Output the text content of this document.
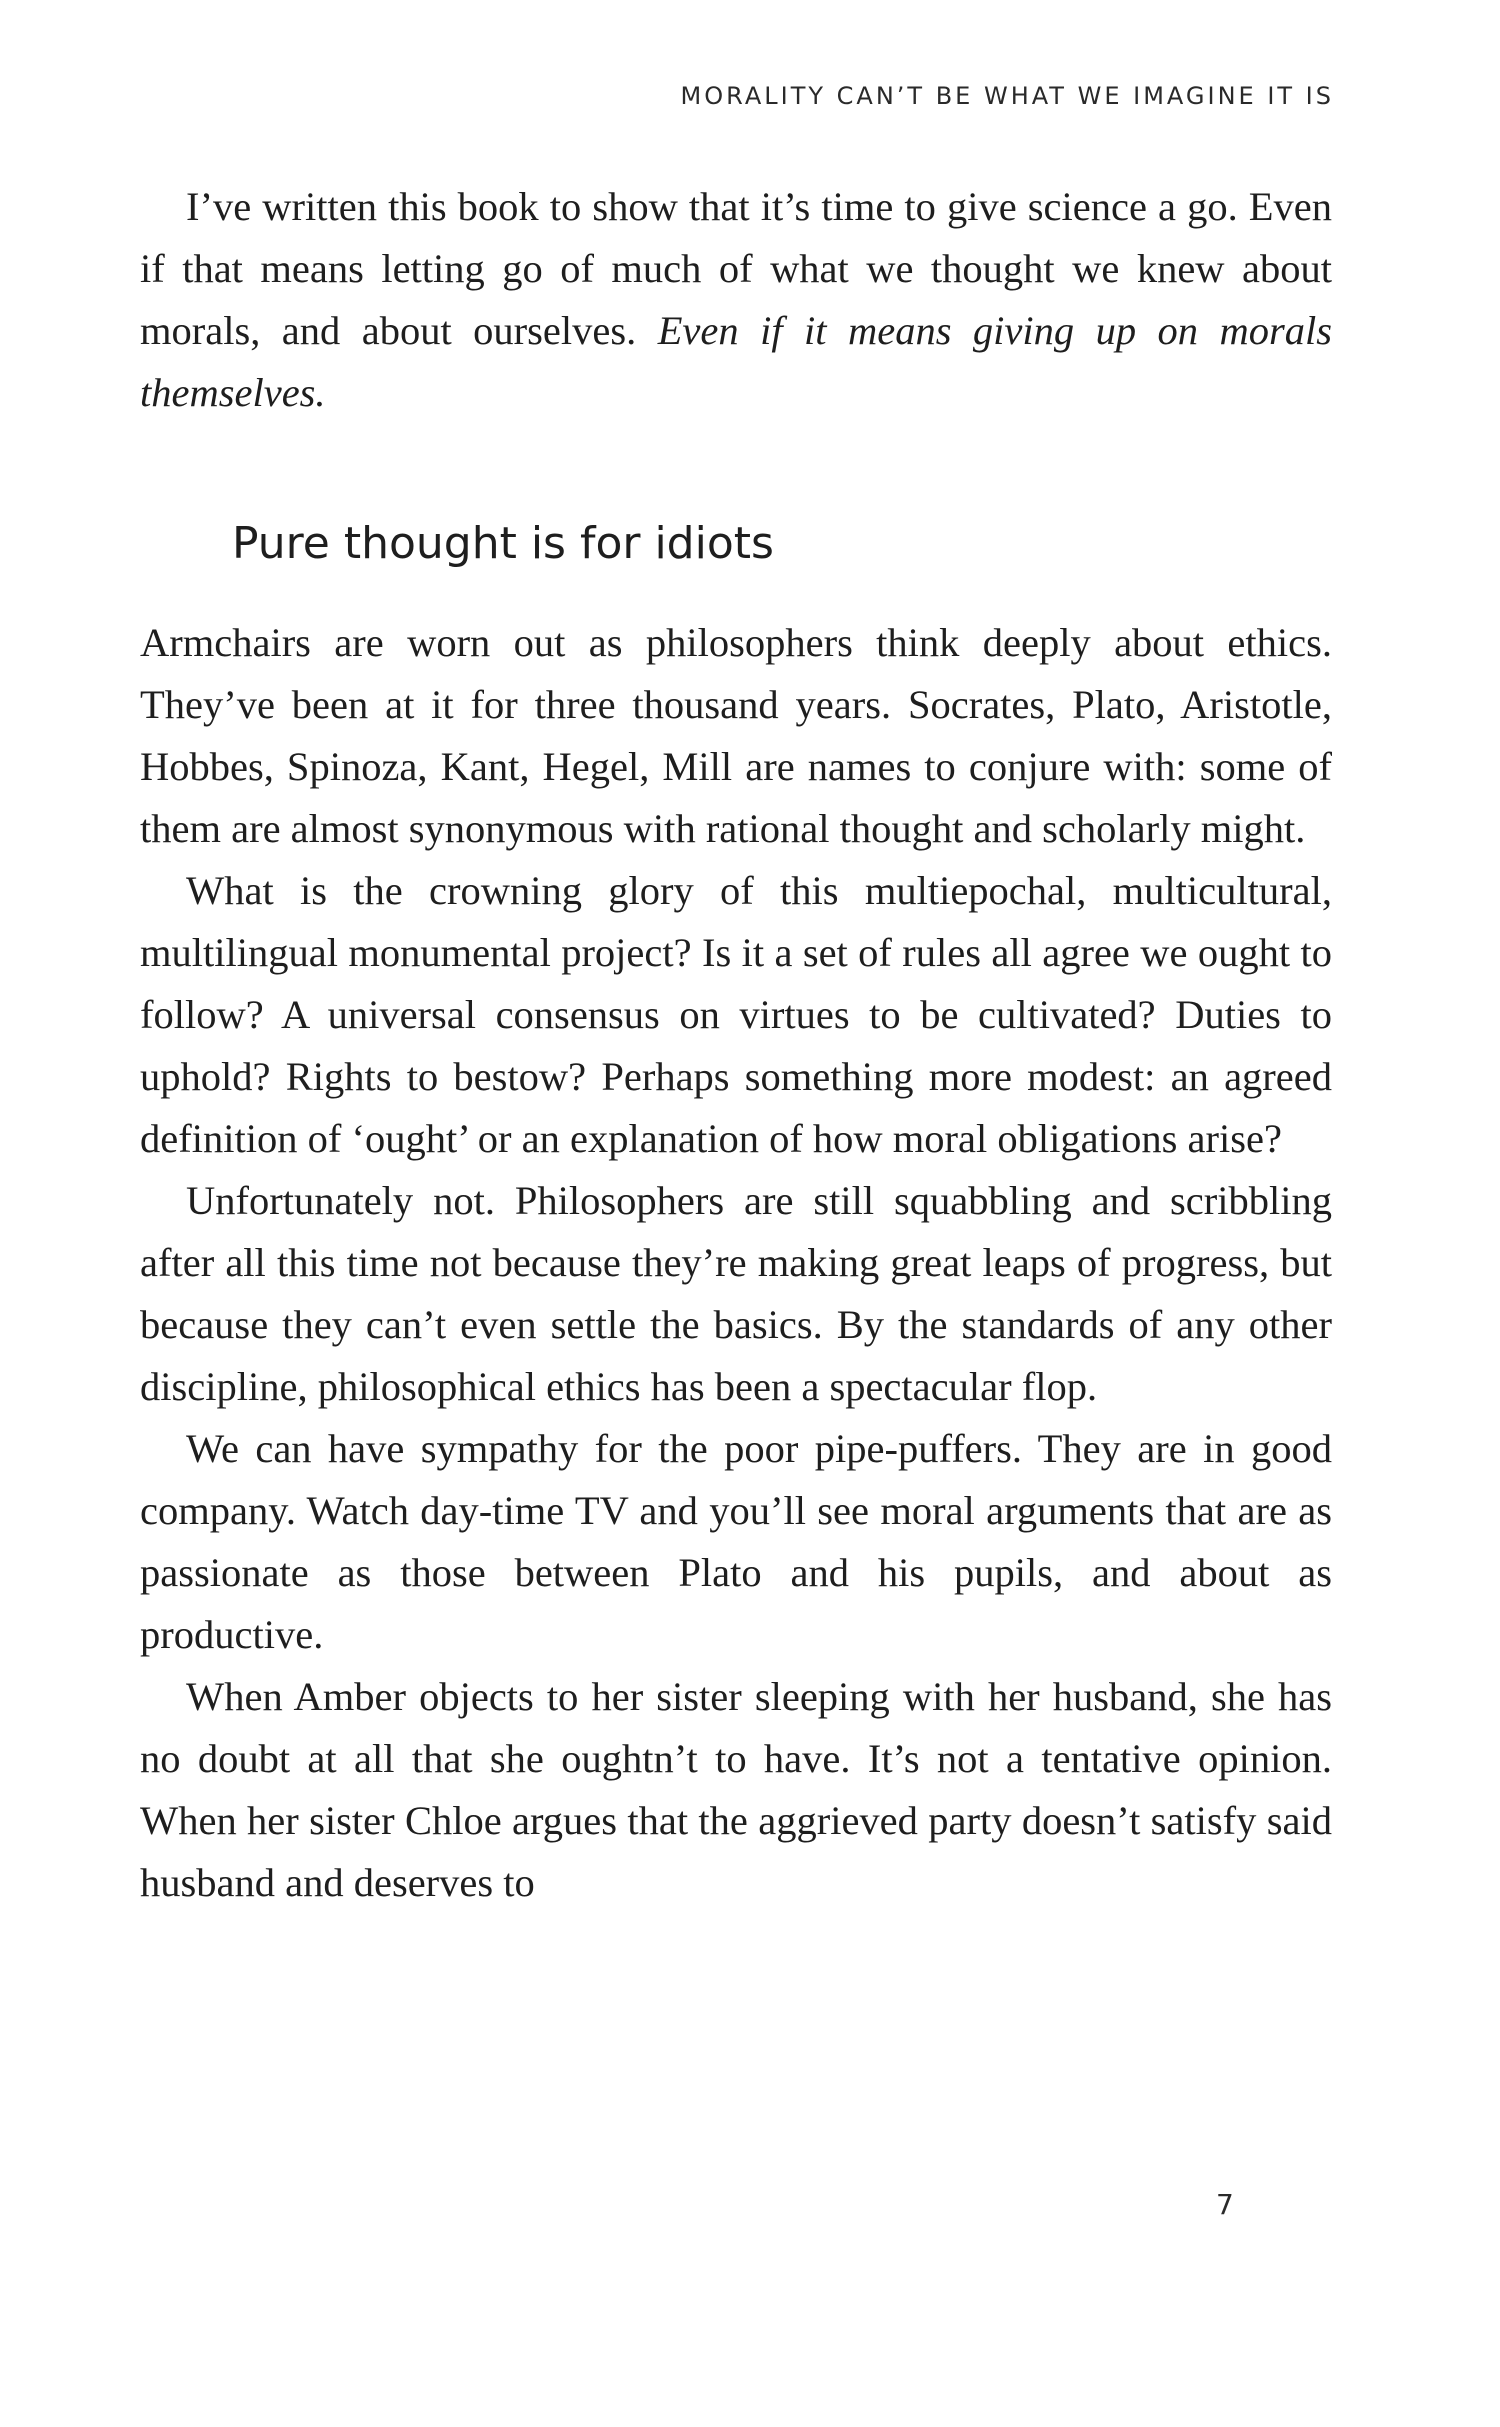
MORALITY CAN’T BE WHAT WE IMAGINE IT IS

I’ve written this book to show that it’s time to give science a go. Even if that means letting go of much of what we thought we knew about morals, and about ourselves. Even if it means giving up on morals themselves.

Pure thought is for idiots

Armchairs are worn out as philosophers think deeply about ethics. They’ve been at it for three thousand years. Socrates, Plato, Aristotle, Hobbes, Spinoza, Kant, Hegel, Mill are names to conjure with: some of them are almost synonymous with rational thought and scholarly might.

What is the crowning glory of this multiepochal, multicultural, multilingual monumental project? Is it a set of rules all agree we ought to follow? A universal consensus on virtues to be cultivated? Duties to uphold? Rights to bestow? Perhaps something more modest: an agreed definition of ‘ought’ or an explanation of how moral obligations arise?

Unfortunately not. Philosophers are still squabbling and scribbling after all this time not because they’re making great leaps of progress, but because they can’t even settle the basics. By the standards of any other discipline, philosophical ethics has been a spectacular flop.

We can have sympathy for the poor pipe-puffers. They are in good company. Watch day-time TV and you’ll see moral arguments that are as passionate as those between Plato and his pupils, and about as productive.

When Amber objects to her sister sleeping with her husband, she has no doubt at all that she oughtn’t to have. It’s not a tentative opinion. When her sister Chloe argues that the aggrieved party doesn’t satisfy said husband and deserves to

7
